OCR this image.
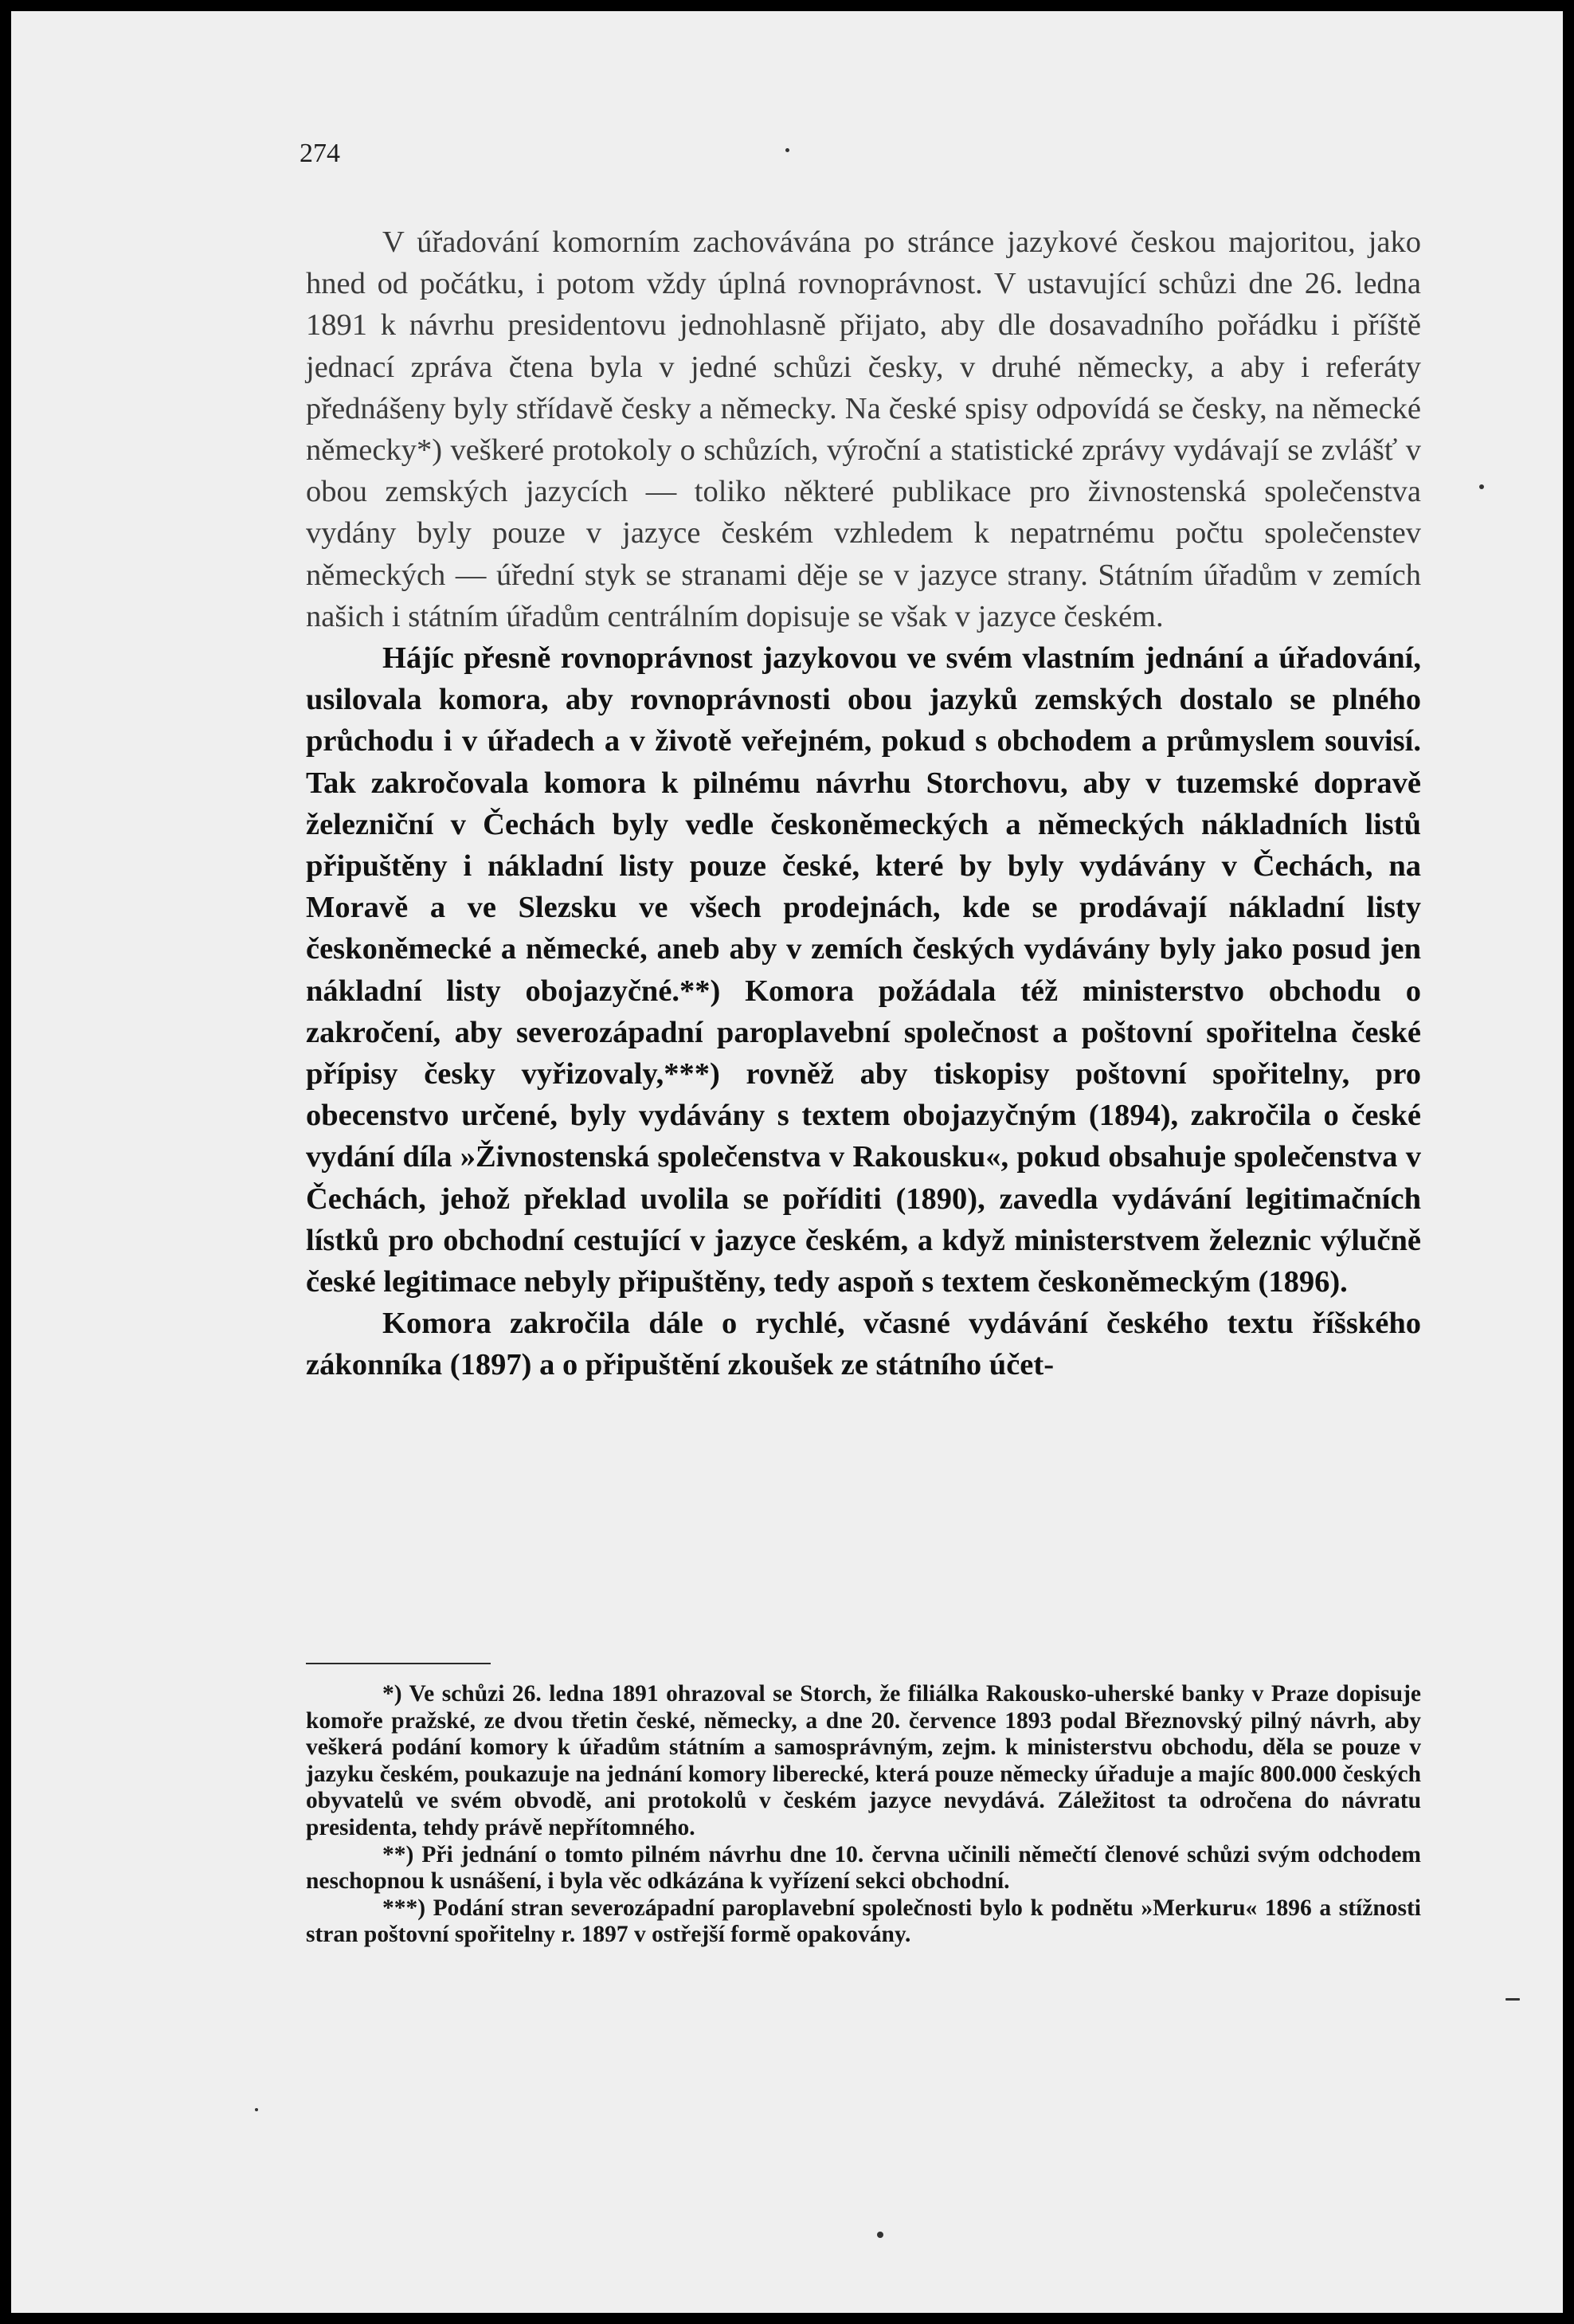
274

V úřadování komorním zachovávána po stránce jazykové českou majoritou, jako hned od počátku, i potom vždy úplná rovnoprávnost. V ustavující schůzi dne 26. ledna 1891 k návrhu presidentovu jednohlasně přijato, aby dle dosavadního pořádku i příště jednací zpráva čtena byla v jedné schůzi česky, v druhé německy, a aby i referáty přednášeny byly střídavě česky a německy. Na české spisy odpovídá se česky, na německé německy*) veškeré protokoly o schůzích, výroční a statistické zprávy vydávají se zvlášť v obou zemských jazycích — toliko některé publikace pro živnostenská společenstva vydány byly pouze v jazyce českém vzhledem k nepatrnému počtu společenstev německých — úřední styk se stranami děje se v jazyce strany. Státním úřadům v zemích našich i státním úřadům centrálním dopisuje se však v jazyce českém.

Hájíc přesně rovnoprávnost jazykovou ve svém vlastním jednání a úřadování, usilovala komora, aby rovnoprávnosti obou jazyků zemských dostalo se plného průchodu i v úřadech a v životě veřejném, pokud s obchodem a průmyslem souvisí. Tak zakročovala komora k pilnému návrhu Storchovu, aby v tuzemské dopravě železniční v Čechách byly vedle českoněmeckých a německých nákladních listů připuštěny i nákladní listy pouze české, které by byly vydávány v Čechách, na Moravě a ve Slezsku ve všech prodejnách, kde se prodávají nákladní listy českoněmecké a německé, aneb aby v zemích českých vydávány byly jako posud jen nákladní listy obojazyčné.**) Komora požádala též ministerstvo obchodu o zakročení, aby severozápadní paroplavební společnost a poštovní spořitelna české přípisy česky vyřizovaly,***) rovněž aby tiskopisy poštovní spořitelny, pro obecenstvo určené, byly vydávány s textem obojazyčným (1894), zakročila o české vydání díla »Živnostenská společenstva v Rakousku«, pokud obsahuje společenstva v Čechách, jehož překlad uvolila se poříditi (1890), zavedla vydávání legitimačních lístků pro obchodní cestující v jazyce českém, a když ministerstvem železnic výlučně české legitimace nebyly připuštěny, tedy aspoň s textem českoněmeckým (1896).

Komora zakročila dále o rychlé, včasné vydávání českého textu říšského zákonníka (1897) a o připuštění zkoušek ze státního účet-

*) Ve schůzi 26. ledna 1891 ohrazoval se Storch, že filiálka Rakousko-uherské banky v Praze dopisuje komoře pražské, ze dvou třetin české, německy, a dne 20. července 1893 podal Březnovský pilný návrh, aby veškerá podání komory k úřadům státním a samosprávným, zejm. k ministerstvu obchodu, děla se pouze v jazyku českém, poukazuje na jednání komory liberecké, která pouze německy úřaduje a majíc 800.000 českých obyvatelů ve svém obvodě, ani protokolů v českém jazyce nevydává. Záležitost ta odročena do návratu presidenta, tehdy právě nepřítomného.

**) Při jednání o tomto pilném návrhu dne 10. června učinili němečtí členové schůzi svým odchodem neschopnou k usnášení, i byla věc odkázána k vyřízení sekci obchodní.

***) Podání stran severozápadní paroplavební společnosti bylo k podnětu »Merkuru« 1896 a stížnosti stran poštovní spořitelny r. 1897 v ostřejší formě opakovány.
